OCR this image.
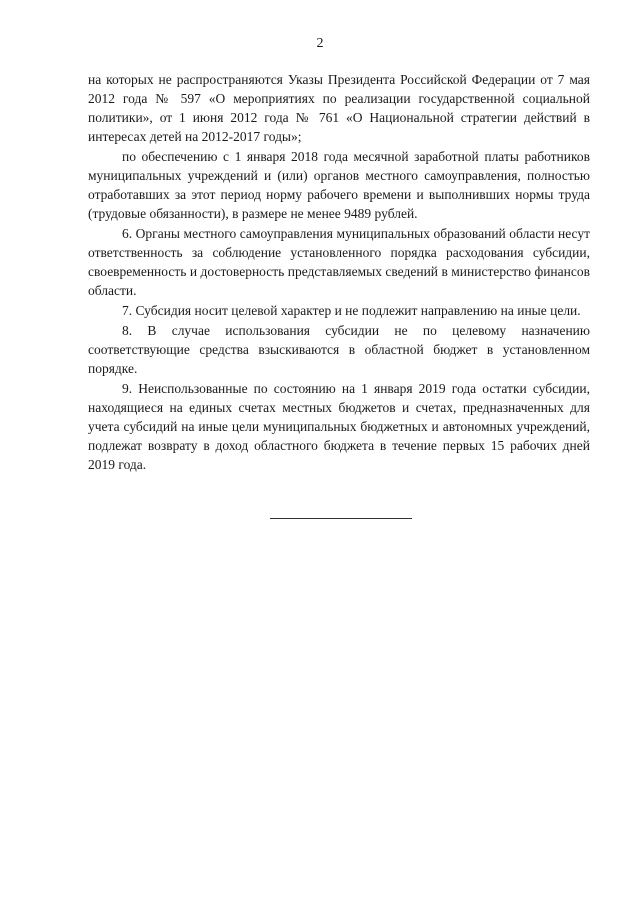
2

на которых не распространяются Указы Президента Российской Федерации от 7 мая 2012 года № 597 «О мероприятиях по реализации государственной социальной политики», от 1 июня 2012 года № 761 «О Национальной стратегии действий в интересах детей на 2012-2017 годы»;

по обеспечению с 1 января 2018 года месячной заработной платы работников муниципальных учреждений и (или) органов местного самоуправления, полностью отработавших за этот период норму рабочего времени и выполнивших нормы труда (трудовые обязанности), в размере не менее 9489 рублей.

6. Органы местного самоуправления муниципальных образований области несут ответственность за соблюдение установленного порядка расходования субсидии, своевременность и достоверность представляемых сведений в министерство финансов области.

7. Субсидия носит целевой характер и не подлежит направлению на иные цели.

8. В случае использования субсидии не по целевому назначению соответствующие средства взыскиваются в областной бюджет в установленном порядке.

9. Неиспользованные по состоянию на 1 января 2019 года остатки субсидии, находящиеся на единых счетах местных бюджетов и счетах, предназначенных для учета субсидий на иные цели муниципальных бюджетных и автономных учреждений, подлежат возврату в доход областного бюджета в течение первых 15 рабочих дней 2019 года.
